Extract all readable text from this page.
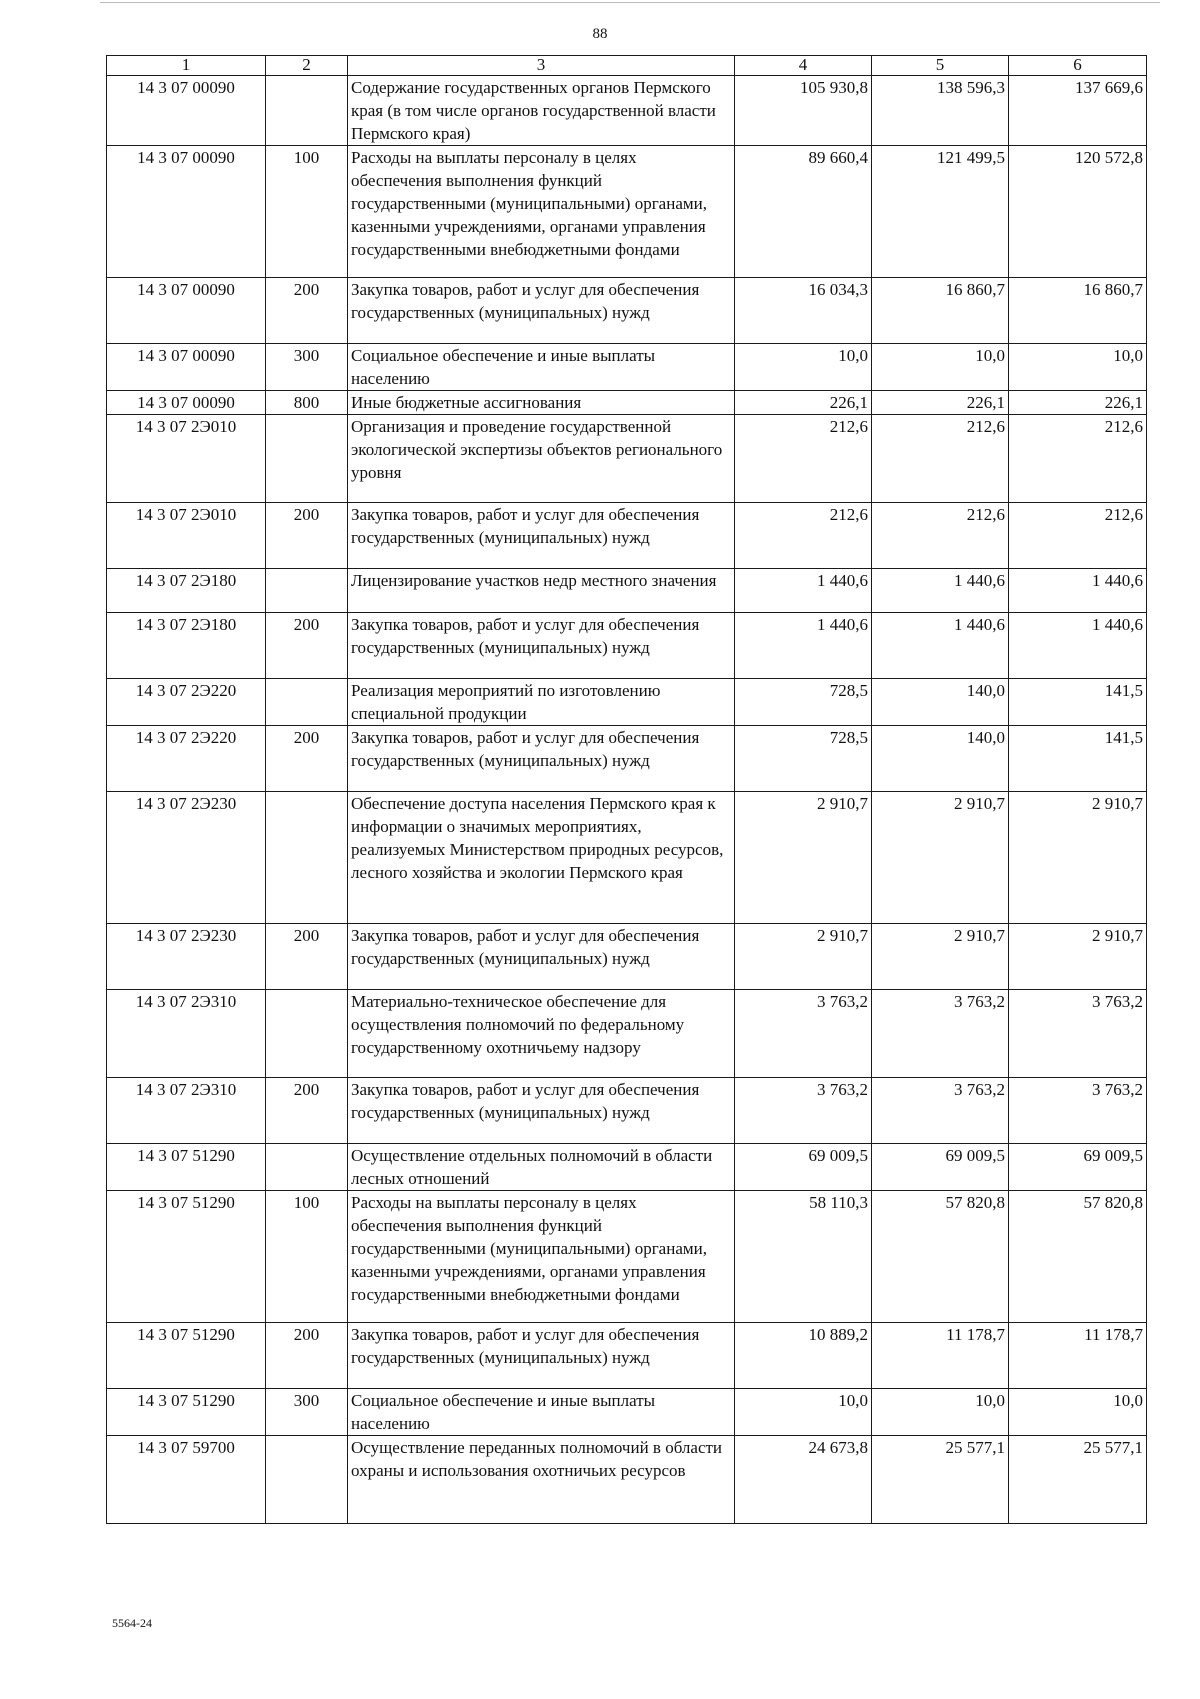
88
1	2	3	4	5	6
14 3 07 00090		Содержание государственных органов Пермского края (в том числе органов государственной власти Пермского края)	105 930,8	138 596,3	137 669,6
14 3 07 00090	100	Расходы на выплаты персоналу в целях обеспечения выполнения функций государственными (муниципальными) органами, казенными учреждениями, органами управления государственными внебюджетными фондами	89 660,4	121 499,5	120 572,8
14 3 07 00090	200	Закупка товаров, работ и услуг для обеспечения государственных (муниципальных) нужд	16 034,3	16 860,7	16 860,7
14 3 07 00090	300	Социальное обеспечение и иные выплаты населению	10,0	10,0	10,0
14 3 07 00090	800	Иные бюджетные ассигнования	226,1	226,1	226,1
14 3 07 2Э010		Организация и проведение государственной экологической экспертизы объектов регионального уровня	212,6	212,6	212,6
14 3 07 2Э010	200	Закупка товаров, работ и услуг для обеспечения государственных (муниципальных) нужд	212,6	212,6	212,6
14 3 07 2Э180		Лицензирование участков недр местного значения	1 440,6	1 440,6	1 440,6
14 3 07 2Э180	200	Закупка товаров, работ и услуг для обеспечения государственных (муниципальных) нужд	1 440,6	1 440,6	1 440,6
14 3 07 2Э220		Реализация мероприятий по изготовлению специальной продукции	728,5	140,0	141,5
14 3 07 2Э220	200	Закупка товаров, работ и услуг для обеспечения государственных (муниципальных) нужд	728,5	140,0	141,5
14 3 07 2Э230		Обеспечение доступа населения Пермского края к информации о значимых мероприятиях, реализуемых Министерством природных ресурсов, лесного хозяйства и экологии Пермского края	2 910,7	2 910,7	2 910,7
14 3 07 2Э230	200	Закупка товаров, работ и услуг для обеспечения государственных (муниципальных) нужд	2 910,7	2 910,7	2 910,7
14 3 07 2Э310		Материально-техническое обеспечение для осуществления полномочий по федеральному государственному охотничьему надзору	3 763,2	3 763,2	3 763,2
14 3 07 2Э310	200	Закупка товаров, работ и услуг для обеспечения государственных (муниципальных) нужд	3 763,2	3 763,2	3 763,2
14 3 07 51290		Осуществление отдельных полномочий в области лесных отношений	69 009,5	69 009,5	69 009,5
14 3 07 51290	100	Расходы на выплаты персоналу в целях обеспечения выполнения функций государственными (муниципальными) органами, казенными учреждениями, органами управления государственными внебюджетными фондами	58 110,3	57 820,8	57 820,8
14 3 07 51290	200	Закупка товаров, работ и услуг для обеспечения государственных (муниципальных) нужд	10 889,2	11 178,7	11 178,7
14 3 07 51290	300	Социальное обеспечение и иные выплаты населению	10,0	10,0	10,0
14 3 07 59700		Осуществление переданных полномочий в области охраны и использования охотничьих ресурсов	24 673,8	25 577,1	25 577,1
5564-24
